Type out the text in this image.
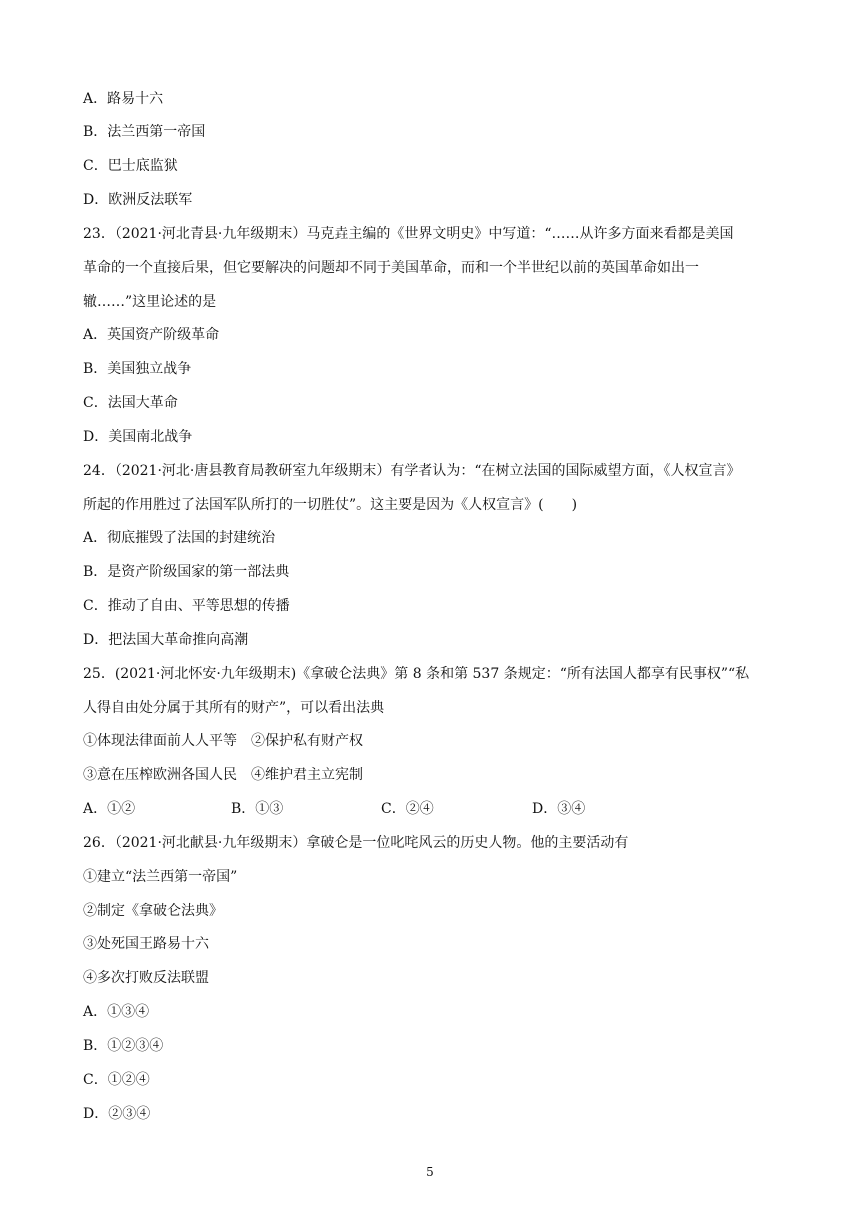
A．路易十六
B．法兰西第一帝国
C．巴士底监狱
D．欧洲反法联军
23．（2021·河北青县·九年级期末）马克垚主编的《世界文明史》中写道：“……从许多方面来看都是美国
革命的一个直接后果，但它要解决的问题却不同于美国革命，而和一个半世纪以前的英国革命如出一
辙……”这里论述的是
A．英国资产阶级革命
B．美国独立战争
C．法国大革命
D．美国南北战争
24．（2021·河北·唐县教育局教研室九年级期末）有学者认为：“在树立法国的国际威望方面，《人权宣言》
所起的作用胜过了法国军队所打的一切胜仗”。这主要是因为《人权宣言》(　　)
A．彻底摧毁了法国的封建统治
B．是资产阶级国家的第一部法典
C．推动了自由、平等思想的传播
D．把法国大革命推向高潮
25．(2021·河北怀安·九年级期末)《拿破仑法典》第 8 条和第 537 条规定：“所有法国人都享有民事权”“私
人得自由处分属于其所有的财产”，可以看出法典
①体现法律面前人人平等　②保护私有财产权
③意在压榨欧洲各国人民　④维护君主立宪制
A．①②	B．①③	C．②④	D．③④
26．（2021·河北献县·九年级期末）拿破仑是一位叱咤风云的历史人物。他的主要活动有
①建立“法兰西第一帝国”
②制定《拿破仑法典》
③处死国王路易十六
④多次打败反法联盟
A．①③④
B．①②③④
C．①②④
D．②③④
5
